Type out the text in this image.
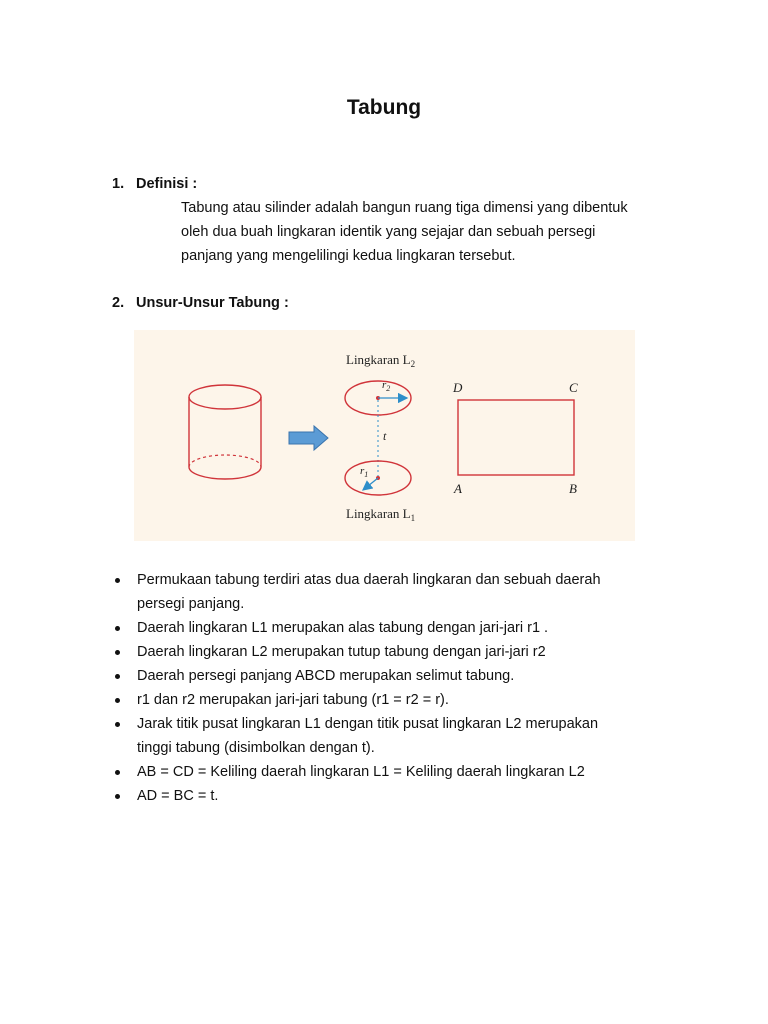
Tabung
1. Definisi :
Tabung atau silinder adalah bangun ruang tiga dimensi yang dibentuk
oleh dua buah lingkaran identik yang sejajar dan sebuah persegi
panjang yang mengelilingi kedua lingkaran tersebut.
2. Unsur-Unsur Tabung :
Lingkaran $L_2$
$r_2$
t
$r_1$
Lingkaran $L_1$
D	C
A	B
Permukaan tabung terdiri atas dua daerah lingkaran dan sebuah daerah
persegi panjang.
Daerah lingkaran L1 merupakan alas tabung dengan jari-jari r1 .
Daerah lingkaran L2 merupakan tutup tabung dengan jari-jari r2
Daerah persegi panjang ABCD merupakan selimut tabung.
r1 dan r2 merupakan jari-jari tabung (r1 = r2 = r).
Jarak titik pusat lingkaran L1 dengan titik pusat lingkaran L2 merupakan
tinggi tabung (disimbolkan dengan t).
AB = CD = Keliling daerah lingkaran L1 = Keliling daerah lingkaran L2
AD = BC = t.
